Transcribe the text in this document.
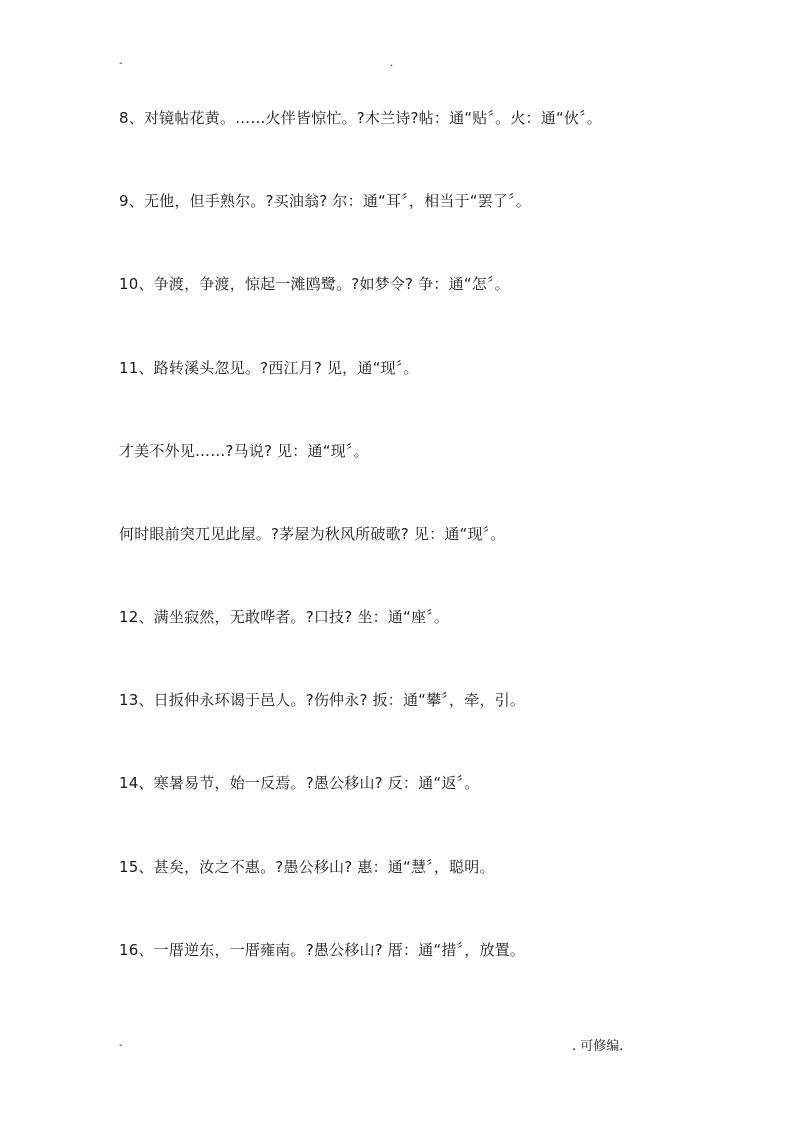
-	.
8、对镜帖花黄。……火伴皆惊忙。?木兰诗?帖：通“贴〞。火：通“伙〞。
9、无他，但手熟尔。?买油翁? 尔：通“耳〞，相当于“罢了〞。
10、争渡，争渡，惊起一滩鸥鹭。?如梦令? 争：通“怎〞。
11、路转溪头忽见。?西江月? 见，通“现〞。
才美不外见……?马说? 见：通“现〞。
何时眼前突兀见此屋。?茅屋为秋风所破歌? 见：通“现〞。
12、满坐寂然，无敢哗者。?口技? 坐：通“座〞。
13、日扳仲永环谒于邑人。?伤仲永? 扳：通“攀〞，牵，引。
14、寒暑易节，始一反焉。?愚公移山? 反：通“返〞。
15、甚矣，汝之不惠。?愚公移山? 惠：通“慧〞，聪明。
16、一厝逆东，一厝雍南。?愚公移山? 厝：通“措〞，放置。
-	. 可修编.
